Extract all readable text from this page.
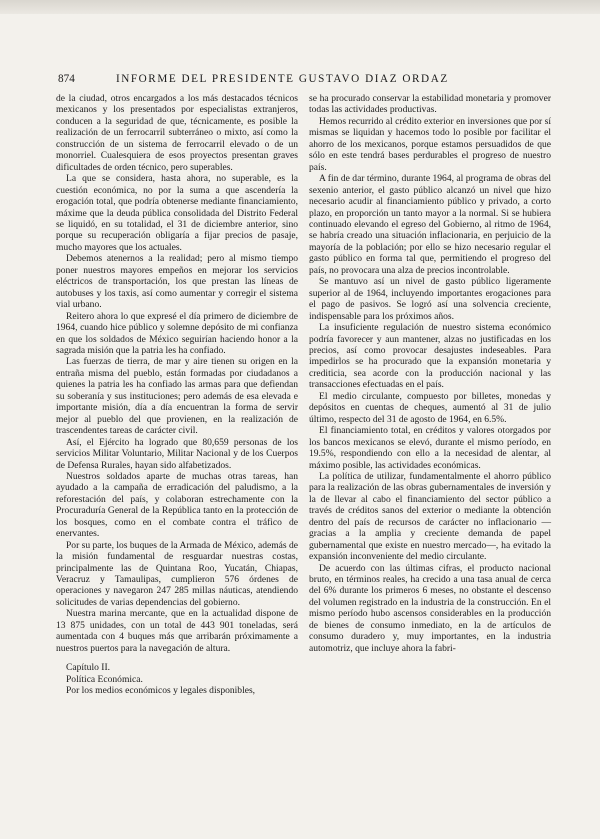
874	INFORME DEL PRESIDENTE GUSTAVO DIAZ ORDAZ

de la ciudad, otros encargados a los más destacados técnicos mexicanos y los presentados por especialistas extranjeros, conducen a la seguridad de que, técnicamente, es posible la realización de un ferrocarril subterráneo o mixto, así como la construcción de un sistema de ferrocarril elevado o de un monorriel. Cualesquiera de esos proyectos presentan graves dificultades de orden técnico, pero superables.

La que se considera, hasta ahora, no superable, es la cuestión económica, no por la suma a que ascendería la erogación total, que podría obtenerse mediante financiamiento, máxime que la deuda pública consolidada del Distrito Federal se liquidó, en su totalidad, el 31 de diciembre anterior, sino porque su recuperación obligaría a fijar precios de pasaje, mucho mayores que los actuales.

Debemos atenernos a la realidad; pero al mismo tiempo poner nuestros mayores empeños en mejorar los servicios eléctricos de transportación, los que prestan las líneas de autobuses y los taxis, así como aumentar y corregir el sistema vial urbano.

Reitero ahora lo que expresé el día primero de diciembre de 1964, cuando hice público y solemne depósito de mi confianza en que los soldados de México seguirían haciendo honor a la sagrada misión que la patria les ha confiado.

Las fuerzas de tierra, de mar y aire tienen su origen en la entraña misma del pueblo, están formadas por ciudadanos a quienes la patria les ha confiado las armas para que defiendan su soberanía y sus instituciones; pero además de esa elevada e importante misión, día a día encuentran la forma de servir mejor al pueblo del que provienen, en la realización de trascendentes tareas de carácter civil.

Así, el Ejército ha logrado que 80,659 personas de los servicios Militar Voluntario, Militar Nacional y de los Cuerpos de Defensa Rurales, hayan sido alfabetizados.

Nuestros soldados aparte de muchas otras tareas, han ayudado a la campaña de erradicación del paludismo, a la reforestación del país, y colaboran estrechamente con la Procuraduría General de la República tanto en la protección de los bosques, como en el combate contra el tráfico de enervantes.

Por su parte, los buques de la Armada de México, además de la misión fundamental de resguardar nuestras costas, principalmente las de Quintana Roo, Yucatán, Chiapas, Veracruz y Tamaulipas, cumplieron 576 órdenes de operaciones y navegaron 247 285 millas náuticas, atendiendo solicitudes de varias dependencias del gobierno.

Nuestra marina mercante, que en la actualidad dispone de 13 875 unidades, con un total de 443 901 toneladas, será aumentada con 4 buques más que arribarán próximamente a nuestros puertos para la navegación de altura.

Capítulo II.

Política Económica.

Por los medios económicos y legales disponibles,

se ha procurado conservar la estabilidad monetaria y promover todas las actividades productivas.

Hemos recurrido al crédito exterior en inversiones que por sí mismas se liquidan y hacemos todo lo posible por facilitar el ahorro de los mexicanos, porque estamos persuadidos de que sólo en este tendrá bases perdurables el progreso de nuestro país.

A fin de dar término, durante 1964, al programa de obras del sexenio anterior, el gasto público alcanzó un nivel que hizo necesario acudir al financiamiento público y privado, a corto plazo, en proporción un tanto mayor a la normal. Si se hubiera continuado elevando el egreso del Gobierno, al ritmo de 1964, se habría creado una situación inflacionaria, en perjuicio de la mayoría de la población; por ello se hizo necesario regular el gasto público en forma tal que, permitiendo el progreso del país, no provocara una alza de precios incontrolable.

Se mantuvo así un nivel de gasto público ligeramente superior al de 1964, incluyendo importantes erogaciones para el pago de pasivos. Se logró así una solvencia creciente, indispensable para los próximos años.

La insuficiente regulación de nuestro sistema económico podría favorecer y aun mantener, alzas no justificadas en los precios, así como provocar desajustes indeseables. Para impedirlos se ha procurado que la expansión monetaria y crediticia, sea acorde con la producción nacional y las transacciones efectuadas en el país.

El medio circulante, compuesto por billetes, monedas y depósitos en cuentas de cheques, aumentó al 31 de julio último, respecto del 31 de agosto de 1964, en 6.5%.

El financiamiento total, en créditos y valores otorgados por los bancos mexicanos se elevó, durante el mismo período, en 19.5%, respondiendo con ello a la necesidad de alentar, al máximo posible, las actividades económicas.

La política de utilizar, fundamentalmente el ahorro público para la realización de las obras gubernamentales de inversión y la de llevar al cabo el financiamiento del sector público a través de créditos sanos del exterior o mediante la obtención dentro del país de recursos de carácter no inflacionario —gracias a la amplia y creciente demanda de papel gubernamental que existe en nuestro mercado—, ha evitado la expansión inconveniente del medio circulante.

De acuerdo con las últimas cifras, el producto nacional bruto, en términos reales, ha crecido a una tasa anual de cerca del 6% durante los primeros 6 meses, no obstante el descenso del volumen registrado en la industria de la construcción. En el mismo período hubo ascensos considerables en la producción de bienes de consumo inmediato, en la de artículos de consumo duradero y, muy importantes, en la industria automotriz, que incluye ahora la fabri-
